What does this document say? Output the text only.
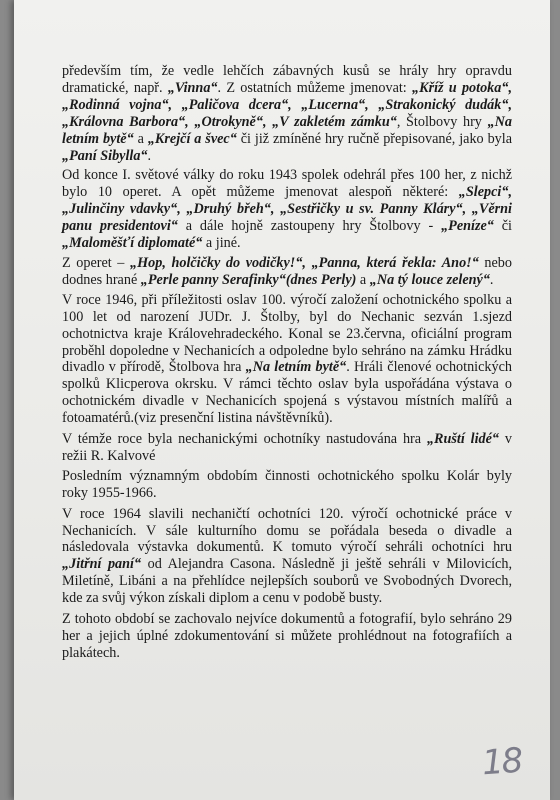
především tím, že vedle lehčích zábavných kusů se hrály hry opravdu dramatické, např. „Vinna“. Z ostatních můžeme jmenovat: „Kříž u potoka“, „Rodinná vojna“, „Paličova dcera“, „Lucerna“, „Strakonický dudák“, „Královna Barbora“, „Otrokyně“, „V zakletém zámku“, Štolbovy hry „Na letním bytě“ a „Krejčí a švec“ či již zmíněné hry ručně přepisované, jako byla „Paní Sibylla“.

Od konce I. světové války do roku 1943 spolek odehrál přes 100 her, z nichž bylo 10 operet. A opět můžeme jmenovat alespoň některé: „Slepci“, „Julinčiny vdavky“, „Druhý břeh“, „Sestřičky u sv. Panny Kláry“, „Věrni panu presidentovi“ a dále hojně zastoupeny hry Štolbovy - „Peníze“ či „Maloměšťí diplomaté“ a jiné.

Z operet – „Hop, holčičky do vodičky!“, „Panna, která řekla: Ano!“ nebo dodnes hrané „Perle panny Serafinky“(dnes Perly) a „Na tý louce zelený“.

V roce 1946, při příležitosti oslav 100. výročí založení ochotnického spolku a 100 let od narození JUDr. J. Štolby, byl do Nechanic sezván 1.sjezd ochotnictva kraje Královehradeckého. Konal se 23.června, oficiální program proběhl dopoledne v Nechanicích a odpoledne bylo sehráno na zámku Hrádku divadlo v přírodě, Štolbova hra „Na letním bytě“. Hráli členové ochotnických spolků Klicperova okrsku. V rámci těchto oslav byla uspořádána výstava o ochotnickém divadle v Nechanicích spojená s výstavou místních malířů a fotoamatérů.(viz presenční listina návštěvníků).

V témže roce byla nechanickými ochotníky nastudována hra „Ruští lidé“ v režii R. Kalvové

Posledním významným obdobím činnosti ochotnického spolku Kolár byly roky 1955-1966.

V roce 1964 slavili nechaničtí ochotníci 120. výročí ochotnické práce v Nechanicích. V sále kulturního domu se pořádala beseda o divadle a následovala výstavka dokumentů. K tomuto výročí sehráli ochotníci hru „Jitřní paní“ od Alejandra Casona. Následně ji ještě sehráli v Milovicích, Miletíně, Libáni a na přehlídce nejlepších souborů ve Svobodných Dvorech, kde za svůj výkon získali diplom a cenu v podobě busty.

Z tohoto období se zachovalo nejvíce dokumentů a fotografií, bylo sehráno 29 her a jejich úplné zdokumentování si můžete prohlédnout na fotografiích a plakátech.

18
